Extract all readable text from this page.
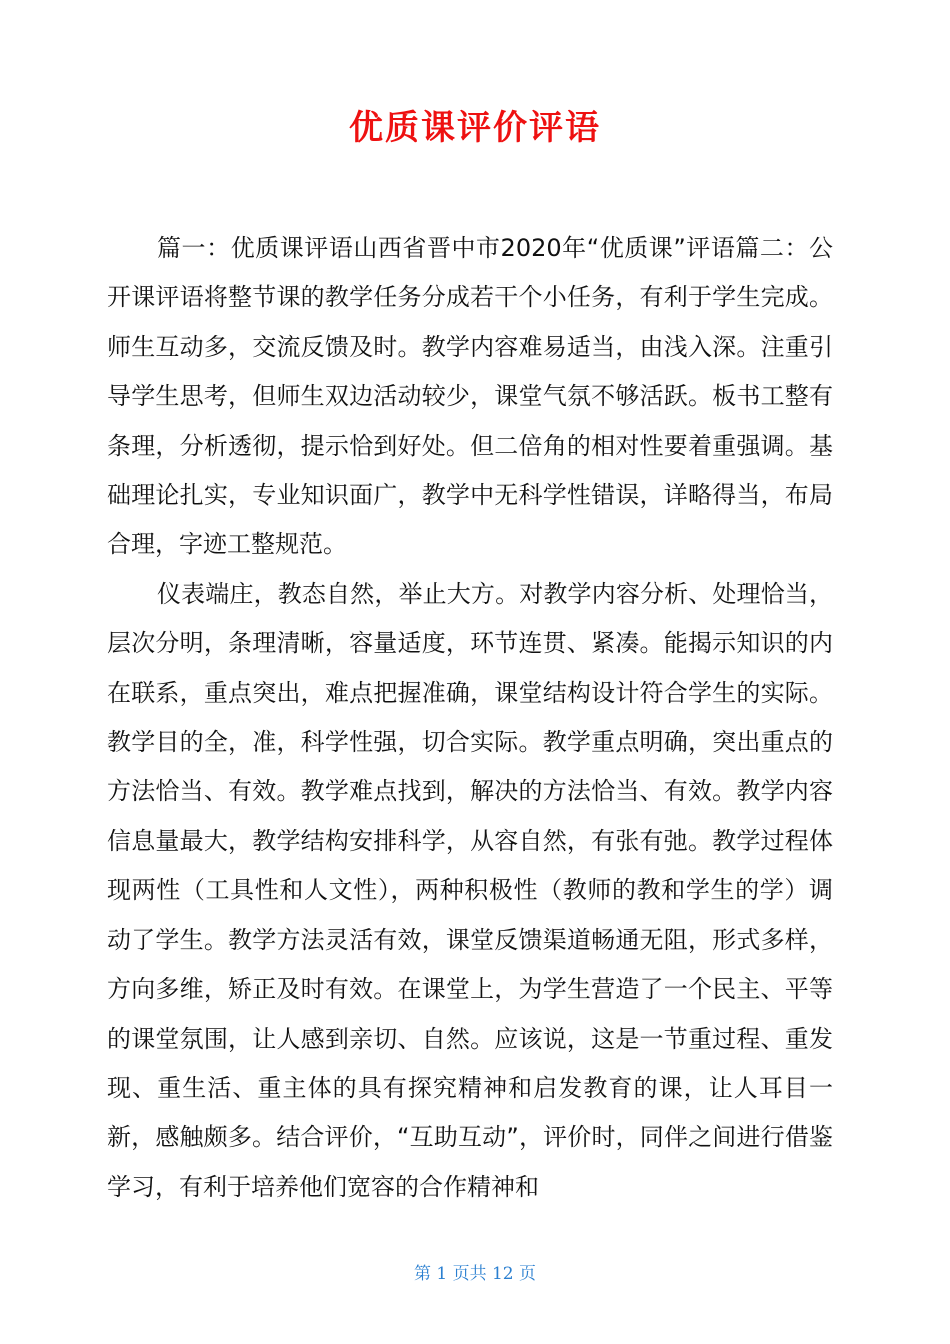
优质课评价评语

篇一：优质课评语山西省晋中市2020年“优质课”评语篇二：公开课评语将整节课的教学任务分成若干个小任务，有利于学生完成。师生互动多，交流反馈及时。教学内容难易适当，由浅入深。注重引导学生思考，但师生双边活动较少，课堂气氛不够活跃。板书工整有条理，分析透彻，提示恰到好处。但二倍角的相对性要着重强调。基础理论扎实，专业知识面广，教学中无科学性错误，详略得当，布局合理，字迹工整规范。

仪表端庄，教态自然，举止大方。对教学内容分析、处理恰当，层次分明，条理清晰，容量适度，环节连贯、紧凑。能揭示知识的内在联系，重点突出，难点把握准确，课堂结构设计符合学生的实际。教学目的全，准，科学性强，切合实际。教学重点明确，突出重点的方法恰当、有效。教学难点找到，解决的方法恰当、有效。教学内容信息量最大，教学结构安排科学，从容自然，有张有弛。教学过程体现两性（工具性和人文性），两种积极性（教师的教和学生的学）调动了学生。教学方法灵活有效，课堂反馈渠道畅通无阻，形式多样，方向多维，矫正及时有效。在课堂上，为学生营造了一个民主、平等的课堂氛围，让人感到亲切、自然。应该说，这是一节重过程、重发现、重生活、重主体的具有探究精神和启发教育的课，让人耳目一新，感触颇多。结合评价，“互助互动”，评价时，同伴之间进行借鉴学习，有利于培养他们宽容的合作精神和

第 1 页共 12 页
